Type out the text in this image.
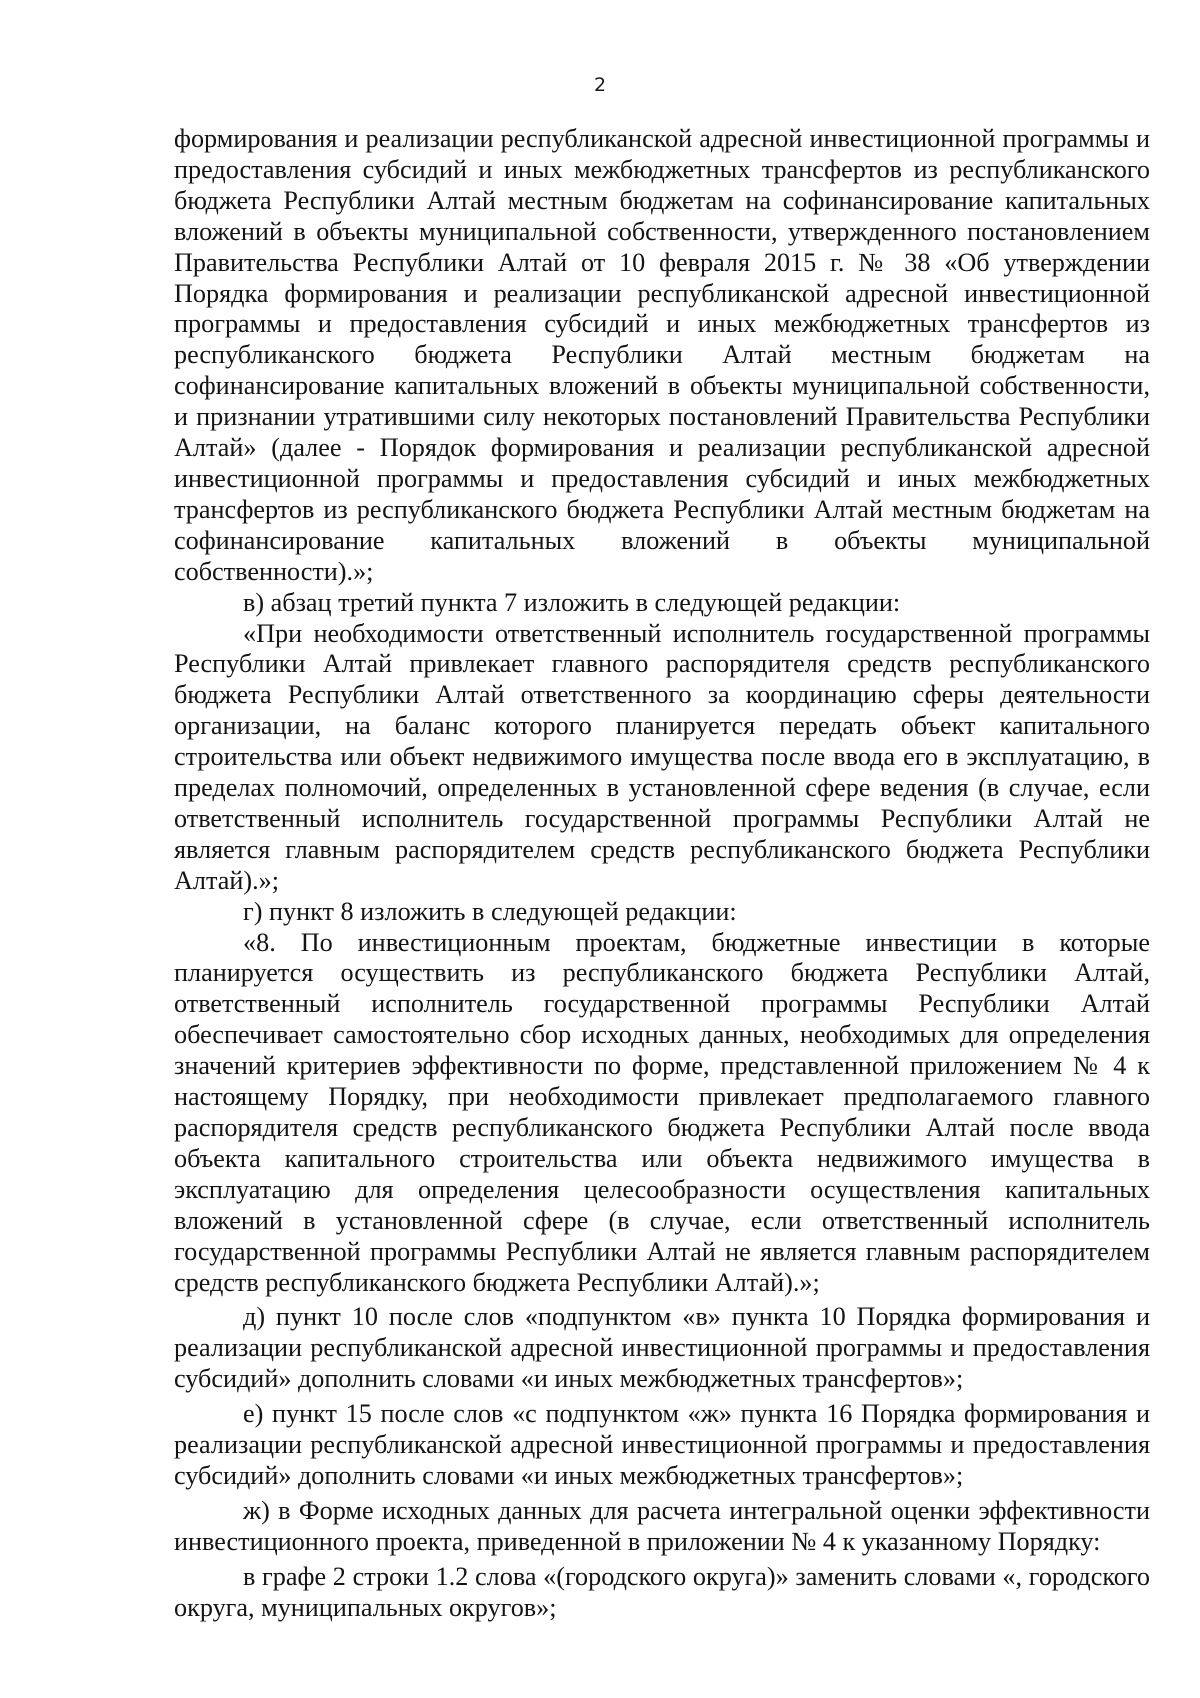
2

формирования и реализации республиканской адресной инвестиционной программы и предоставления субсидий и иных межбюджетных трансфертов из республиканского бюджета Республики Алтай местным бюджетам на софинансирование капитальных вложений в объекты муниципальной собственности, утвержденного постановлением Правительства Республики Алтай от 10 февраля 2015 г. № 38 «Об утверждении Порядка формирования и реализации республиканской адресной инвестиционной программы и предоставления субсидий и иных межбюджетных трансфертов из республиканского бюджета Республики Алтай местным бюджетам на софинансирование капитальных вложений в объекты муниципальной собственности, и признании утратившими силу некоторых постановлений Правительства Республики Алтай» (далее - Порядок формирования и реализации республиканской адресной инвестиционной программы и предоставления субсидий и иных межбюджетных трансфертов из республиканского бюджета Республики Алтай местным бюджетам на софинансирование капитальных вложений в объекты муниципальной собственности).»;

в) абзац третий пункта 7 изложить в следующей редакции:

«При необходимости ответственный исполнитель государственной программы Республики Алтай привлекает главного распорядителя средств республиканского бюджета Республики Алтай ответственного за координацию сферы деятельности организации, на баланс которого планируется передать объект капитального строительства или объект недвижимого имущества после ввода его в эксплуатацию, в пределах полномочий, определенных в установленной сфере ведения (в случае, если ответственный исполнитель государственной программы Республики Алтай не является главным распорядителем средств республиканского бюджета Республики Алтай).»;

г) пункт 8 изложить в следующей редакции:

«8. По инвестиционным проектам, бюджетные инвестиции в которые планируется осуществить из республиканского бюджета Республики Алтай, ответственный исполнитель государственной программы Республики Алтай обеспечивает самостоятельно сбор исходных данных, необходимых для определения значений критериев эффективности по форме, представленной приложением № 4 к настоящему Порядку, при необходимости привлекает предполагаемого главного распорядителя средств республиканского бюджета Республики Алтай после ввода объекта капитального строительства или объекта недвижимого имущества в эксплуатацию для определения целесообразности осуществления капитальных вложений в установленной сфере (в случае, если ответственный исполнитель государственной программы Республики Алтай не является главным распорядителем средств республиканского бюджета Республики Алтай).»;

д) пункт 10 после слов «подпунктом «в» пункта 10 Порядка формирования и реализации республиканской адресной инвестиционной программы и предоставления субсидий» дополнить словами «и иных межбюджетных трансфертов»;

е) пункт 15 после слов «с подпунктом «ж» пункта 16 Порядка формирования и реализации республиканской адресной инвестиционной программы и предоставления субсидий» дополнить словами «и иных межбюджетных трансфертов»;

ж) в Форме исходных данных для расчета интегральной оценки эффективности инвестиционного проекта, приведенной в приложении № 4 к указанному Порядку:

в графе 2 строки 1.2 слова «(городского округа)» заменить словами «, городского округа, муниципальных округов»;
